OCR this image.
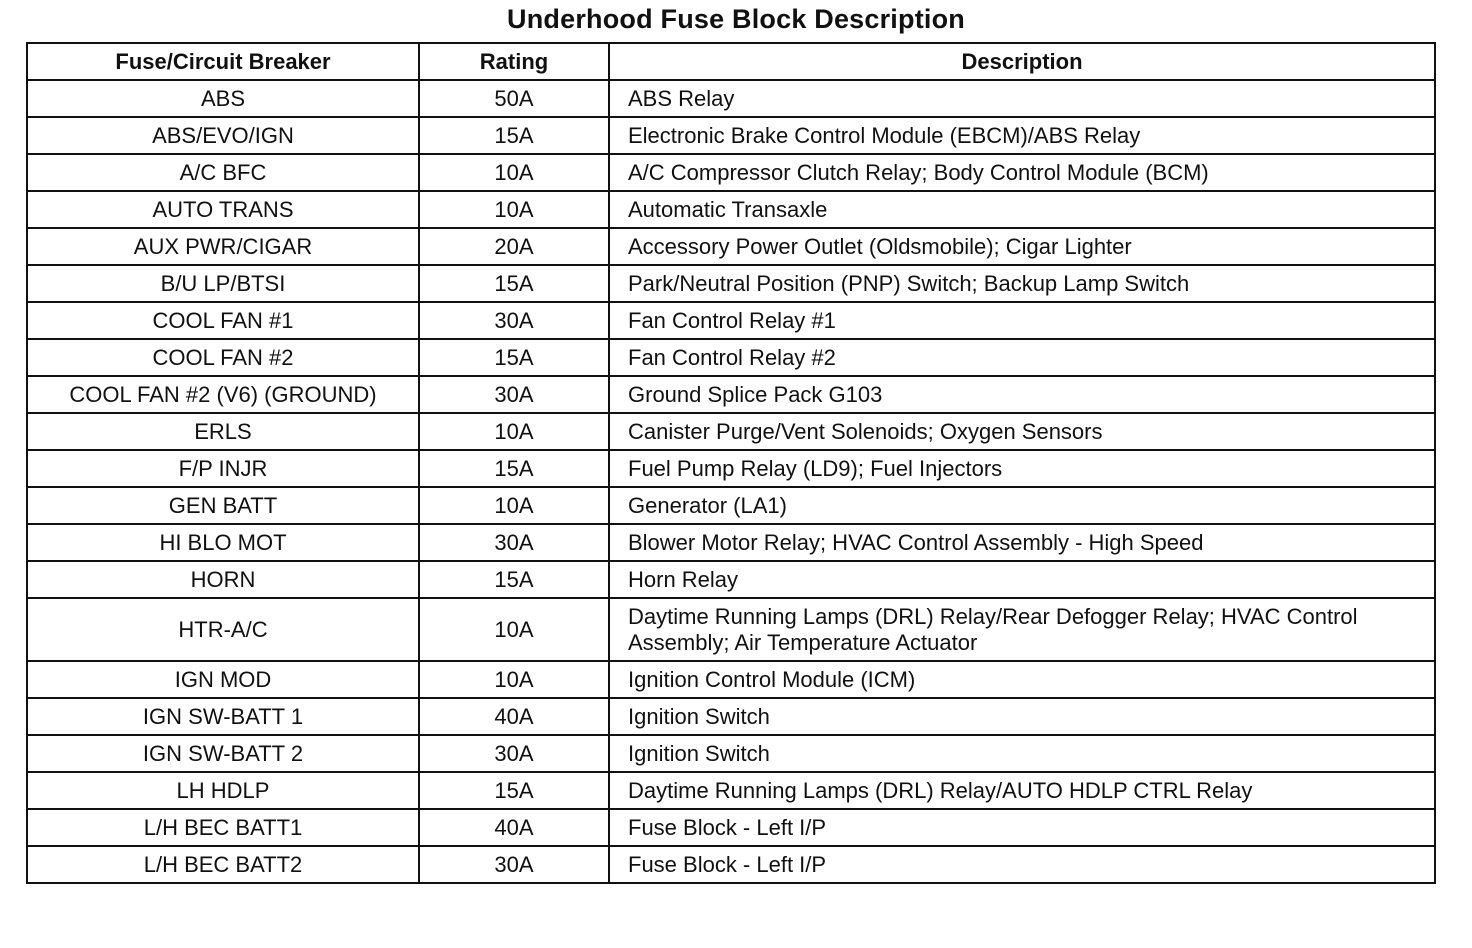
Underhood Fuse Block Description
Fuse/Circuit Breaker	Rating	Description
ABS	50A	ABS Relay
ABS/EVO/IGN	15A	Electronic Brake Control Module (EBCM)/ABS Relay
A/C BFC	10A	A/C Compressor Clutch Relay; Body Control Module (BCM)
AUTO TRANS	10A	Automatic Transaxle
AUX PWR/CIGAR	20A	Accessory Power Outlet (Oldsmobile); Cigar Lighter
B/U LP/BTSI	15A	Park/Neutral Position (PNP) Switch; Backup Lamp Switch
COOL FAN #1	30A	Fan Control Relay #1
COOL FAN #2	15A	Fan Control Relay #2
COOL FAN #2 (V6) (GROUND)	30A	Ground Splice Pack G103
ERLS	10A	Canister Purge/Vent Solenoids; Oxygen Sensors
F/P INJR	15A	Fuel Pump Relay (LD9); Fuel Injectors
GEN BATT	10A	Generator (LA1)
HI BLO MOT	30A	Blower Motor Relay; HVAC Control Assembly - High Speed
HORN	15A	Horn Relay
HTR-A/C	10A	Daytime Running Lamps (DRL) Relay/Rear Defogger Relay; HVAC Control Assembly; Air Temperature Actuator
IGN MOD	10A	Ignition Control Module (ICM)
IGN SW-BATT 1	40A	Ignition Switch
IGN SW-BATT 2	30A	Ignition Switch
LH HDLP	15A	Daytime Running Lamps (DRL) Relay/AUTO HDLP CTRL Relay
L/H BEC BATT1	40A	Fuse Block - Left I/P
L/H BEC BATT2	30A	Fuse Block - Left I/P
